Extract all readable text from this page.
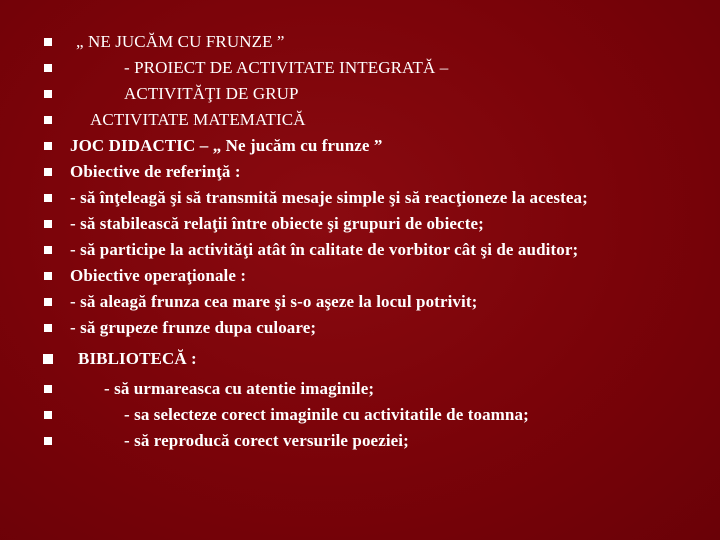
„ NE JUCĂM CU FRUNZE ”
- PROIECT DE ACTIVITATE INTEGRATĂ –
ACTIVITĂŢI DE GRUP
ACTIVITATE MATEMATICĂ
JOC DIDACTIC – „ Ne jucăm cu frunze ”
Obiective de referinţă :
- să înţeleagă şi să transmită mesaje simple şi să reacţioneze la acestea;
- să stabilească relaţii între obiecte şi grupuri de obiecte;
- să participe la activităţi atât în calitate de vorbitor cât şi de auditor;
Obiective operaţionale :
- să aleagă frunza cea mare şi s-o aşeze la locul potrivit;
- să grupeze frunze dupa culoare;
BIBLIOTECĂ :
- să urmareasca cu atentie imaginile;
- sa selecteze corect imaginile cu activitatile de toamna;
- să reproducă corect versurile poeziei;
